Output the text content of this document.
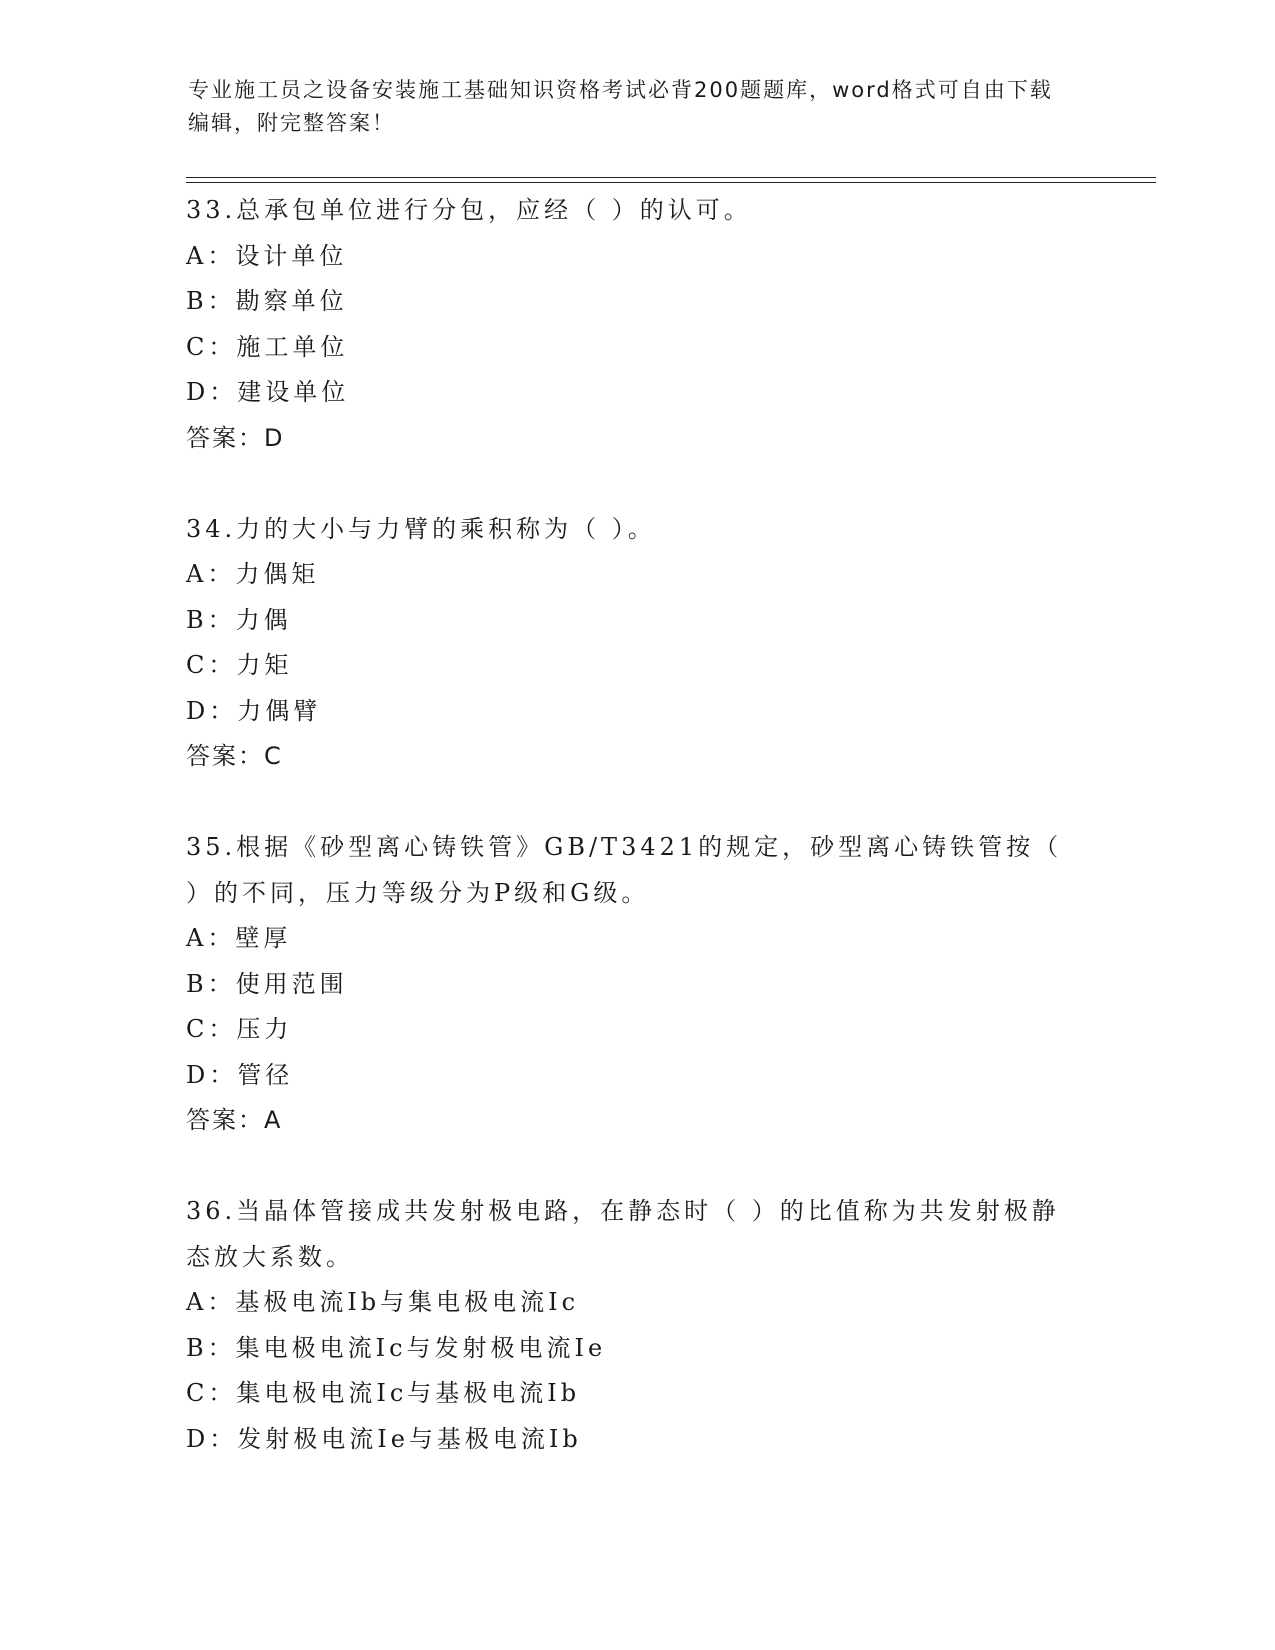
专业施工员之设备安装施工基础知识资格考试必背200题题库，word格式可自由下载编辑，附完整答案！
33.总承包单位进行分包，应经（ ）的认可。
A：设计单位
B：勘察单位
C：施工单位
D：建设单位
答案：D
34.力的大小与力臂的乘积称为（ ）。
A：力偶矩
B：力偶
C：力矩
D：力偶臂
答案：C
35.根据《砂型离心铸铁管》GB/T3421的规定，砂型离心铸铁管按（ ）的不同，压力等级分为P级和G级。
A：壁厚
B：使用范围
C：压力
D：管径
答案：A
36.当晶体管接成共发射极电路，在静态时（ ）的比值称为共发射极静态放大系数。
A：基极电流Ib与集电极电流Ic
B：集电极电流Ic与发射极电流Ie
C：集电极电流Ic与基极电流Ib
D：发射极电流Ie与基极电流Ib
